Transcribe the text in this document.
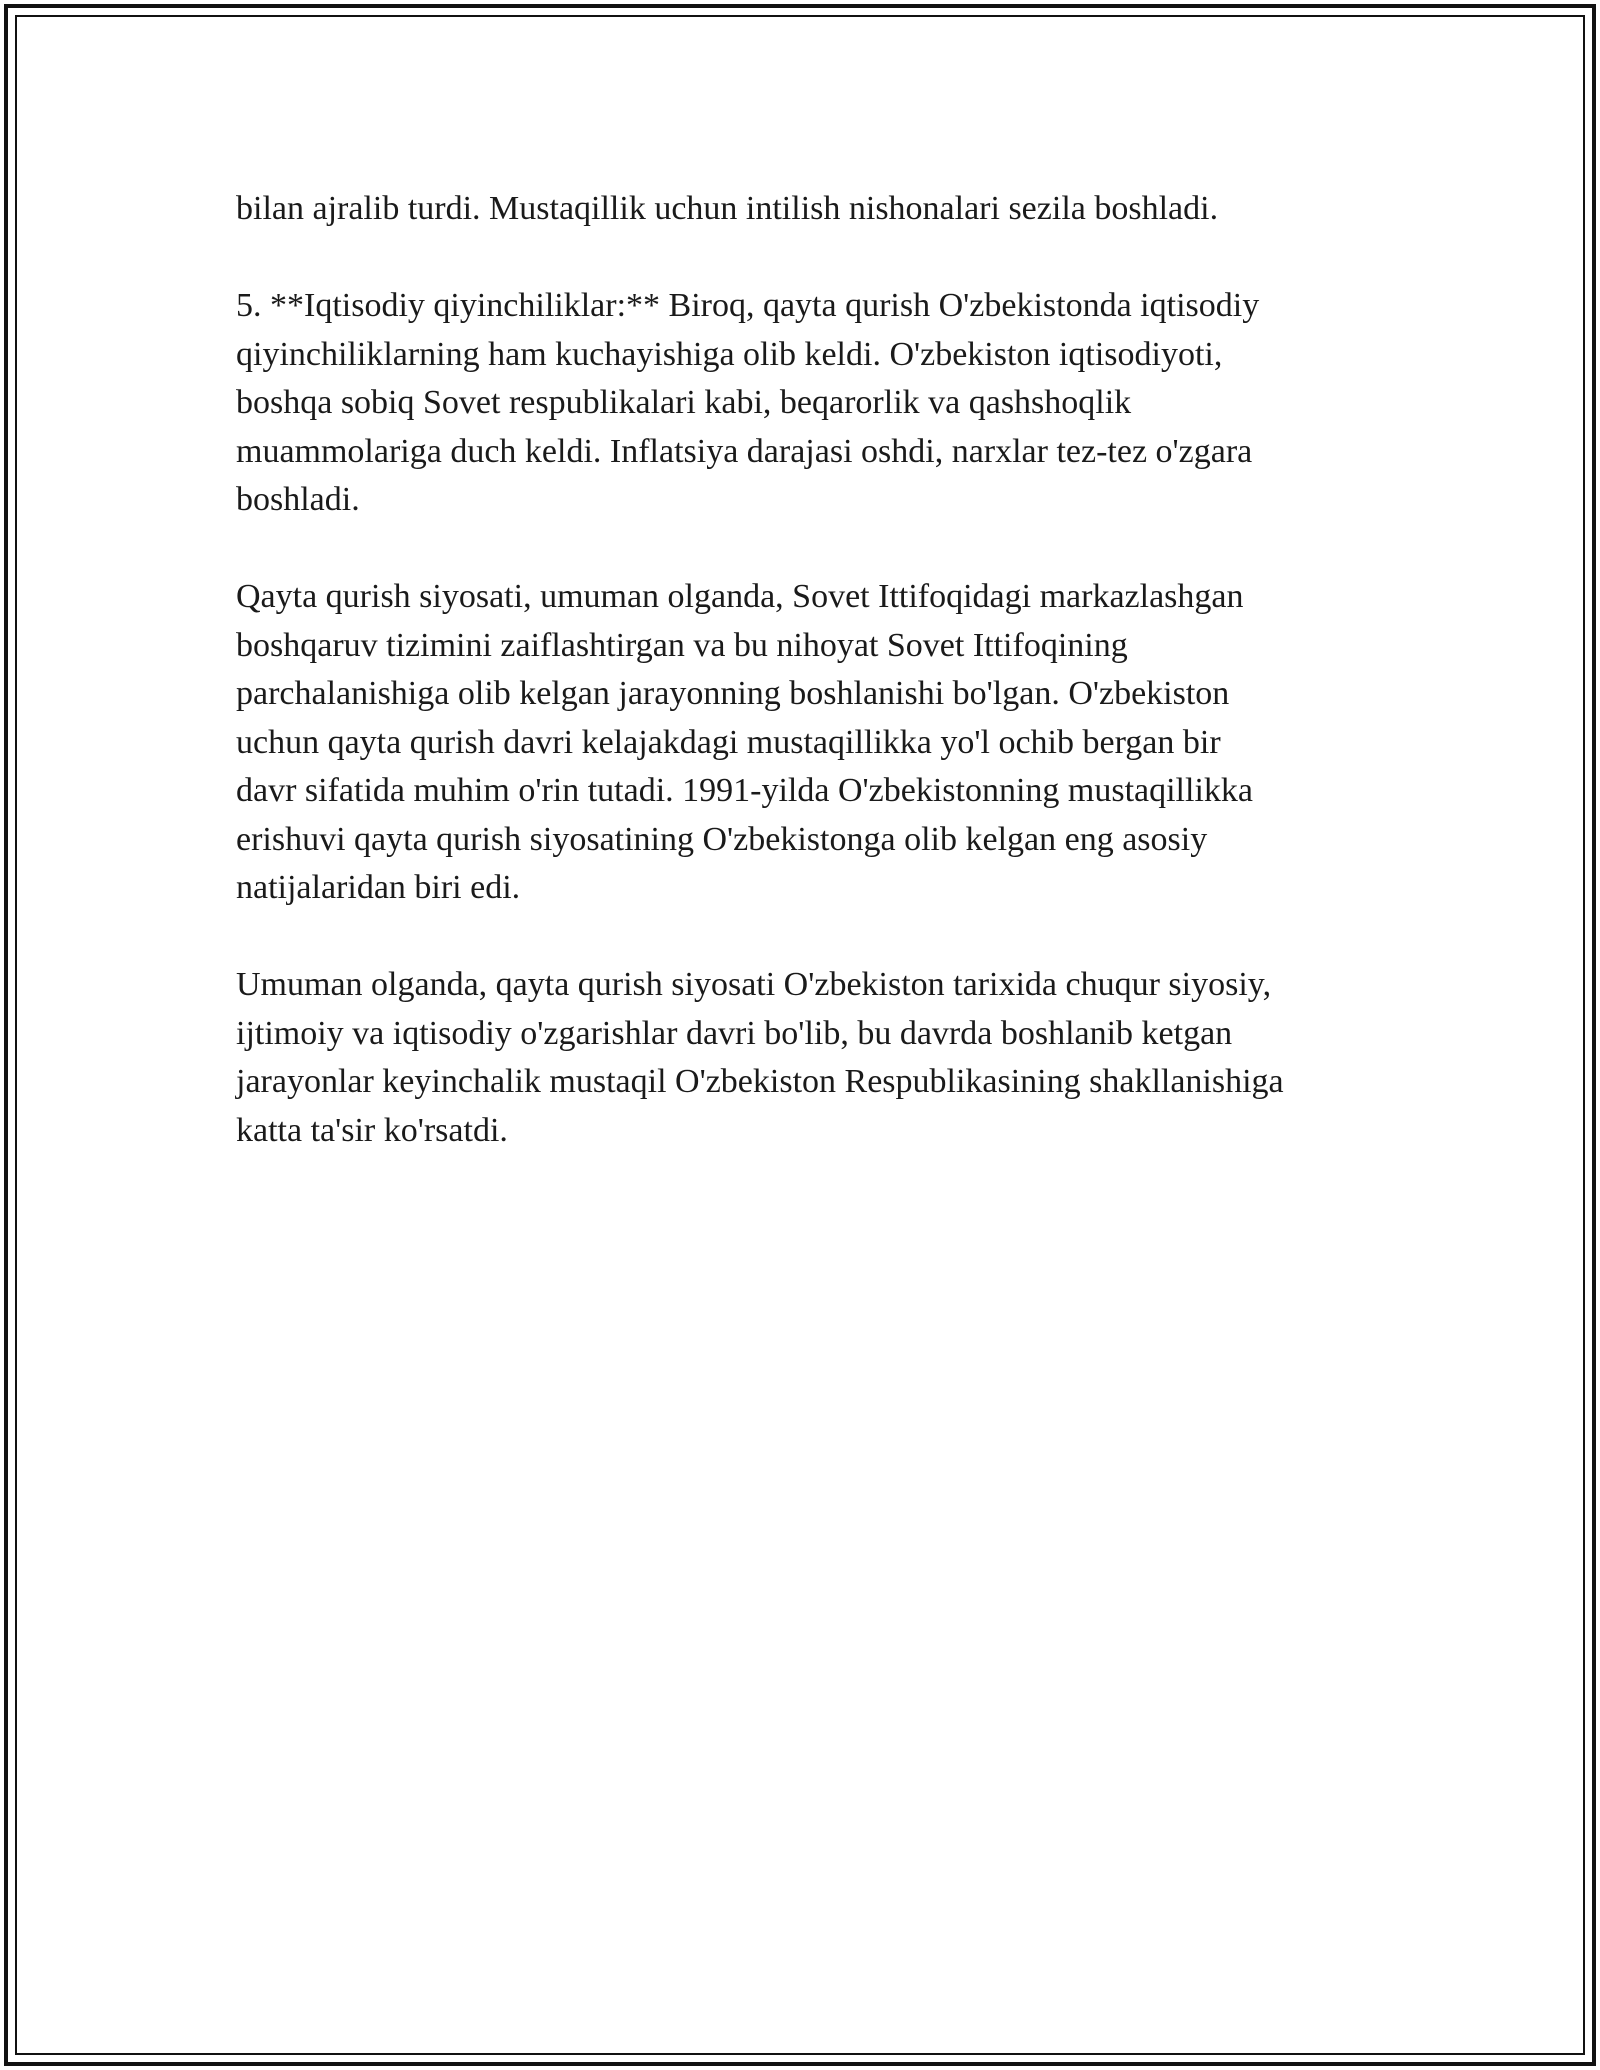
bilan ajralib turdi. Mustaqillik uchun intilish nishonalari sezila boshladi.

5. **Iqtisodiy qiyinchiliklar:** Biroq, qayta qurish O'zbekistonda iqtisodiy
qiyinchiliklarning ham kuchayishiga olib keldi. O'zbekiston iqtisodiyoti,
boshqa sobiq Sovet respublikalari kabi, beqarorlik va qashshoqlik
muammolariga duch keldi. Inflatsiya darajasi oshdi, narxlar tez-tez o'zgara
boshladi.

Qayta qurish siyosati, umuman olganda, Sovet Ittifoqidagi markazlashgan
boshqaruv tizimini zaiflashtirgan va bu nihoyat Sovet Ittifoqining
parchalanishiga olib kelgan jarayonning boshlanishi bo'lgan. O'zbekiston
uchun qayta qurish davri kelajakdagi mustaqillikka yo'l ochib bergan bir
davr sifatida muhim o'rin tutadi. 1991-yilda O'zbekistonning mustaqillikka
erishuvi qayta qurish siyosatining O'zbekistonga olib kelgan eng asosiy
natijalaridan biri edi.

Umuman olganda, qayta qurish siyosati O'zbekiston tarixida chuqur siyosiy,
ijtimoiy va iqtisodiy o'zgarishlar davri bo'lib, bu davrda boshlanib ketgan
jarayonlar keyinchalik mustaqil O'zbekiston Respublikasining shakllanishiga
katta ta'sir ko'rsatdi.
